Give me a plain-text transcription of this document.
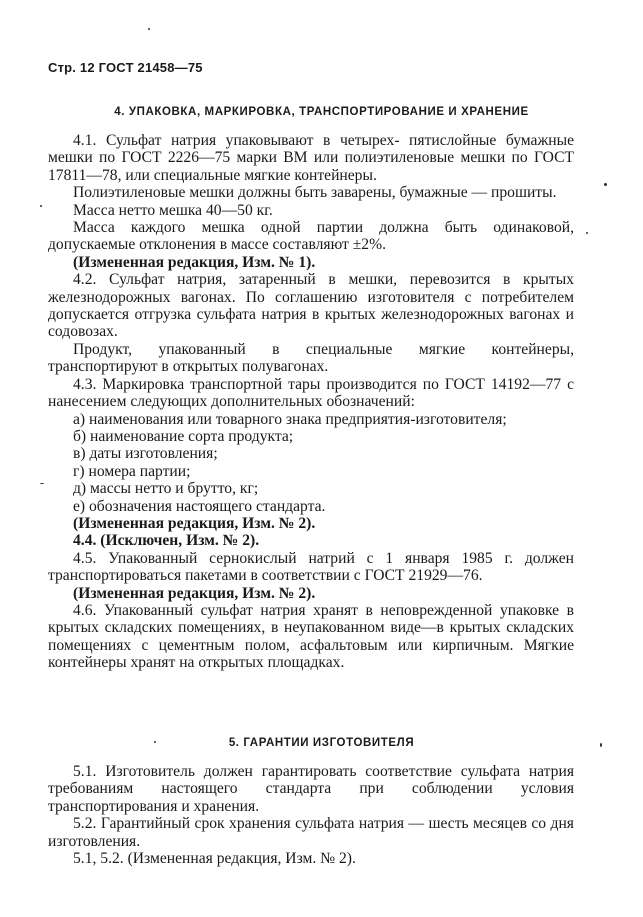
Стр. 12 ГОСТ 21458—75
4. УПАКОВКА, МАРКИРОВКА, ТРАНСПОРТИРОВАНИЕ И ХРАНЕНИЕ

4.1. Сульфат натрия упаковывают в четырех- пятислойные бумажные мешки по ГОСТ 2226—75 марки ВМ или полиэтиленовые мешки по ГОСТ 17811—78, или специальные мягкие контейнеры.

Полиэтиленовые мешки должны быть заварены, бумажные — прошиты.

Масса нетто мешка 40—50 кг.

Масса каждого мешка одной партии должна быть одинаковой, допускаемые отклонения в массе составляют ±2%.

(Измененная редакция, Изм. № 1).

4.2. Сульфат натрия, затаренный в мешки, перевозится в крытых железнодорожных вагонах. По соглашению изготовителя с потребителем допускается отгрузка сульфата натрия в крытых железнодорожных вагонах и содовозах.

Продукт, упакованный в специальные мягкие контейнеры, транспортируют в открытых полувагонах.

4.3. Маркировка транспортной тары производится по ГОСТ 14192—77 с нанесением следующих дополнительных обозначений:

а) наименования или товарного знака предприятия-изготовителя;

б) наименование сорта продукта;

в) даты изготовления;

г) номера партии;

д) массы нетто и брутто, кг;

е) обозначения настоящего стандарта.

(Измененная редакция, Изм. № 2).

4.4. (Исключен, Изм. № 2).

4.5. Упакованный сернокислый натрий с 1 января 1985 г. должен транспортироваться пакетами в соответствии с ГОСТ 21929—76.

(Измененная редакция, Изм. № 2).

4.6. Упакованный сульфат натрия хранят в неповрежденной упаковке в крытых складских помещениях, в неупакованном виде—в крытых складских помещениях с цементным полом, асфальтовым или кирпичным. Мягкие контейнеры хранят на открытых площадках.

5. ГАРАНТИИ ИЗГОТОВИТЕЛЯ

5.1. Изготовитель должен гарантировать соответствие сульфата натрия требованиям настоящего стандарта при соблюдении условия транспортирования и хранения.

5.2. Гарантийный срок хранения сульфата натрия — шесть месяцев со дня изготовления.

5.1, 5.2. (Измененная редакция, Изм. № 2).
